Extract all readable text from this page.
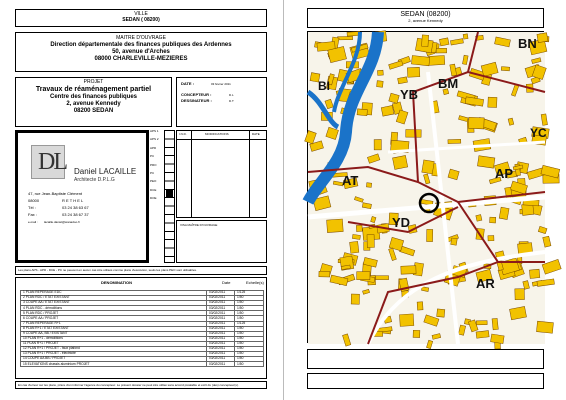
VILLE
SEDAN ( 08200)
MAITRE D'OUVRAGE
Direction départementale des finances publiques des Ardennes
50, avenue d'Arches
08000 CHARLEVILLE-MEZIERES
PROJET
Travaux de réaménagement partiel
Centre des finances publiques
2, avenue Kennedy
08200 SEDAN
DATE :	03 février 2011
CONCEPTEUR :	D.L
DESSINATEUR :	D.T
DL Daniel LACAILLE
Architecte D.P.L.G
47, rue Jean-Baptiste Clément
08000	R E T H E L
Tél :	03 24 38 63 67
Fax :	03 24 38 67 37
e-mail : lacaille.daniel@wanadoo.fr
APS 1
APS 2
APD
PC
PRO
PC
PEO
DCE
DOE
I.N.D.	MODIFICATIONS	DATE
VISA MAÎTRE D'OUVRAGE
Les plans APS - APD - DCE - PC ne peuvent en aucun cas être utilisés comme plans d'exécution, seuls les plans PEO sont utilisables.
DENOMINATION	Date	Echelle(s)
1 PLAN REPERAGE EDC	03/02/2011	1/125
2 PLAN RDC / ETAT EXISTANT	03/02/2011	1/50
3 COUPE AA / ETAT EXISTANT	03/02/2011	1/50
4 PLAN RDC - démolitions	03/02/2011	1/50
5 PLAN RDC / PROJET	03/02/2011	1/50
6 COUPE AA / PROJET	03/02/2011	1/50
7 PLAN REPERAGE R+1	03/02/2011	1/125
8 PLAN R+1 / ETAT EXISTANT	03/02/2011	1/50
9 COUPE AA, BB / EXISTANT	03/02/2011	1/50
10 PLAN R+1 - démolitions	03/02/2011	1/50
11 PLAN R+1 / PROJET	03/02/2011	1/50
12 PLAN R+1 / PROJET - faux plafond	03/02/2011	1/50
13 PLAN R+1 / PROJET - électricité	03/02/2011	1/50
14 COUPE AA BB / PROJET	03/02/2011	1/50
15 ELEVATIONS chassis aluminium PROJET	03/02/2011	1/50
En cas d'erreur sur les plans, prière d'en informer l'agence du concepteur. Le présent dossier ne peut être utilisé sans accord préalable et écrit du (des) concepteur(s).
SEDAN (08200)
2, avenue Kennedy
BN
BI
YB
BM
YC
AT	AP
YD
AR
